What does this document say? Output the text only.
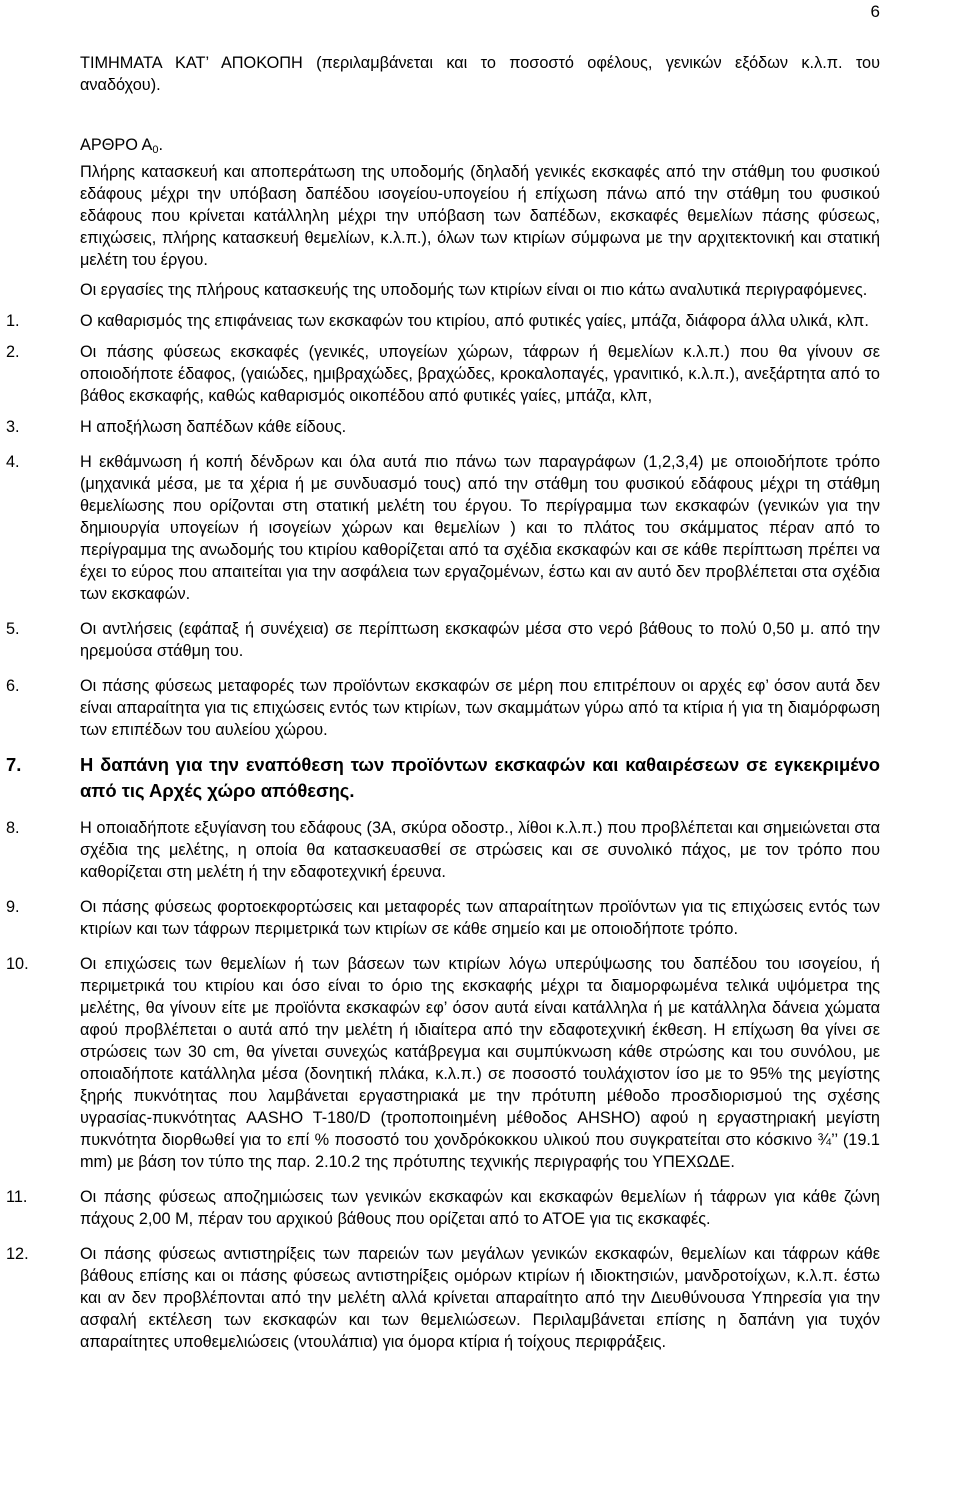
6

ΤΙΜΗΜΑΤΑ ΚΑΤ’ ΑΠΟΚΟΠΗ (περιλαμβάνεται και το ποσοστό οφέλους, γενικών εξόδων κ.λ.π. του αναδόχου).

ΑΡΘΡΟ $A_0$.

Πλήρης κατασκευή και αποπεράτωση της υποδομής (δηλαδή γενικές εκσκαφές από την στάθμη του φυσικού εδάφους μέχρι την υπόβαση δαπέδου ισογείου-υπογείου ή επίχωση πάνω από την στάθμη του φυσικού εδάφους που κρίνεται κατάλληλη μέχρι την υπόβαση των δαπέδων, εκσκαφές θεμελίων πάσης φύσεως, επιχώσεις, πλήρης κατασκευή θεμελίων, κ.λ.π.), όλων των κτιρίων σύμφωνα με την αρχιτεκτονική και στατική μελέτη του έργου.

Οι εργασίες της πλήρους κατασκευής της υποδομής των κτιρίων είναι οι πιο κάτω αναλυτικά περιγραφόμενες.

1.	Ο καθαρισμός της επιφάνειας των εκσκαφών του κτιρίου, από φυτικές γαίες, μπάζα, διάφορα άλλα υλικά, κλπ.
2.	Οι πάσης φύσεως εκσκαφές (γενικές, υπογείων χώρων, τάφρων ή θεμελίων κ.λ.π.) που θα γίνουν σε οποιοδήποτε έδαφος, (γαιώδες, ημιβραχώδες, βραχώδες, κροκαλοπαγές, γρανιτικό, κ.λ.π.), ανεξάρτητα από το βάθος εκσκαφής, καθώς καθαρισμός οικοπέδου από φυτικές γαίες, μπάζα, κλπ,
3.	Η αποξήλωση δαπέδων κάθε είδους.
4.	Η εκθάμνωση ή κοπή δένδρων και όλα αυτά πιο πάνω των παραγράφων (1,2,3,4) με οποιοδήποτε τρόπο (μηχανικά μέσα, με τα χέρια ή με συνδυασμό τους) από την στάθμη του φυσικού εδάφους μέχρι τη στάθμη θεμελίωσης που ορίζονται στη στατική μελέτη του έργου. Το περίγραμμα των εκσκαφών (γενικών για την δημιουργία υπογείων ή ισογείων χώρων και θεμελίων ) και το πλάτος του σκάμματος πέραν από το περίγραμμα της ανωδομής του κτιρίου καθορίζεται από τα σχέδια εκσκαφών και σε κάθε περίπτωση πρέπει να έχει το εύρος που απαιτείται για την ασφάλεια των εργαζομένων, έστω και αν αυτό δεν προβλέπεται στα σχέδια των εκσκαφών.
5.	Οι αντλήσεις (εφάπαξ ή συνέχεια) σε περίπτωση εκσκαφών μέσα στο νερό βάθους το πολύ 0,50 μ. από την ηρεμούσα στάθμη του.
6.	Οι πάσης φύσεως μεταφορές των προϊόντων εκσκαφών σε μέρη που επιτρέπουν οι αρχές εφ’ όσον αυτά δεν είναι απαραίτητα για τις επιχώσεις εντός των κτιρίων, των σκαμμάτων γύρω από τα κτίρια ή για τη διαμόρφωση των επιπέδων του αυλείου χώρου.
7.	Η δαπάνη για την εναπόθεση των προϊόντων εκσκαφών και καθαιρέσεων σε εγκεκριμένο από τις Αρχές χώρο απόθεσης.
8.	Η οποιαδήποτε εξυγίανση του εδάφους (3Α, σκύρα οδοστρ., λίθοι κ.λ.π.) που προβλέπεται και σημειώνεται στα σχέδια της μελέτης, η οποία θα κατασκευασθεί σε στρώσεις και σε συνολικό πάχος, με τον τρόπο που καθορίζεται στη μελέτη ή την εδαφοτεχνική έρευνα.
9.	Οι πάσης φύσεως φορτοεκφορτώσεις και μεταφορές των απαραίτητων προϊόντων για τις επιχώσεις εντός των κτιρίων και των τάφρων περιμετρικά των κτιρίων σε κάθε σημείο και με οποιοδήποτε τρόπο.
10.	Οι επιχώσεις των θεμελίων ή των βάσεων των κτιρίων λόγω υπερύψωσης του δαπέδου του ισογείου, ή περιμετρικά του κτιρίου και όσο είναι το όριο της εκσκαφής μέχρι τα διαμορφωμένα τελικά υψόμετρα της μελέτης, θα γίνουν είτε με προϊόντα εκσκαφών εφ’ όσον αυτά είναι κατάλληλα ή με κατάλληλα δάνεια χώματα αφού προβλέπεται ο αυτά από την μελέτη ή ιδιαίτερα από την εδαφοτεχνική έκθεση. Η επίχωση θα γίνει σε στρώσεις των 30 cm, θα γίνεται συνεχώς κατάβρεγμα και συμπύκνωση κάθε στρώσης και του συνόλου, με οποιαδήποτε κατάλληλα μέσα (δονητική πλάκα, κ.λ.π.) σε ποσοστό τουλάχιστον ίσο με το 95% της μεγίστης ξηρής πυκνότητας που λαμβάνεται εργαστηριακά με την πρότυπη μέθοδο προσδιορισμού της σχέσης υγρασίας-πυκνότητας AASHO T-180/D (τροποποιημένη μέθοδος AHSHO) αφού η εργαστηριακή μεγίστη πυκνότητα διορθωθεί για το επί % ποσοστό του χονδρόκοκκου υλικού που συγκρατείται στο κόσκινο ¾’’ (19.1 mm) με βάση τον τύπο της παρ. 2.10.2 της πρότυπης τεχνικής περιγραφής του ΥΠΕΧΩΔΕ.
11.	Οι πάσης φύσεως αποζημιώσεις των γενικών εκσκαφών και εκσκαφών θεμελίων ή τάφρων για κάθε ζώνη πάχους 2,00 Μ, πέραν του αρχικού βάθους που ορίζεται από το ΑΤΟΕ για τις εκσκαφές.
12.	Οι πάσης φύσεως αντιστηρίξεις των παρειών των μεγάλων γενικών εκσκαφών, θεμελίων και τάφρων κάθε βάθους επίσης και οι πάσης φύσεως αντιστηρίξεις ομόρων κτιρίων ή ιδιοκτησιών, μανδροτοίχων, κ.λ.π. έστω και αν δεν προβλέπονται από την μελέτη αλλά κρίνεται απαραίτητο από την Διευθύνουσα Υπηρεσία για την ασφαλή εκτέλεση των εκσκαφών και των θεμελιώσεων. Περιλαμβάνεται επίσης η δαπάνη για τυχόν απαραίτητες υποθεμελιώσεις (ντουλάπια) για όμορα κτίρια ή τοίχους περιφράξεις.
